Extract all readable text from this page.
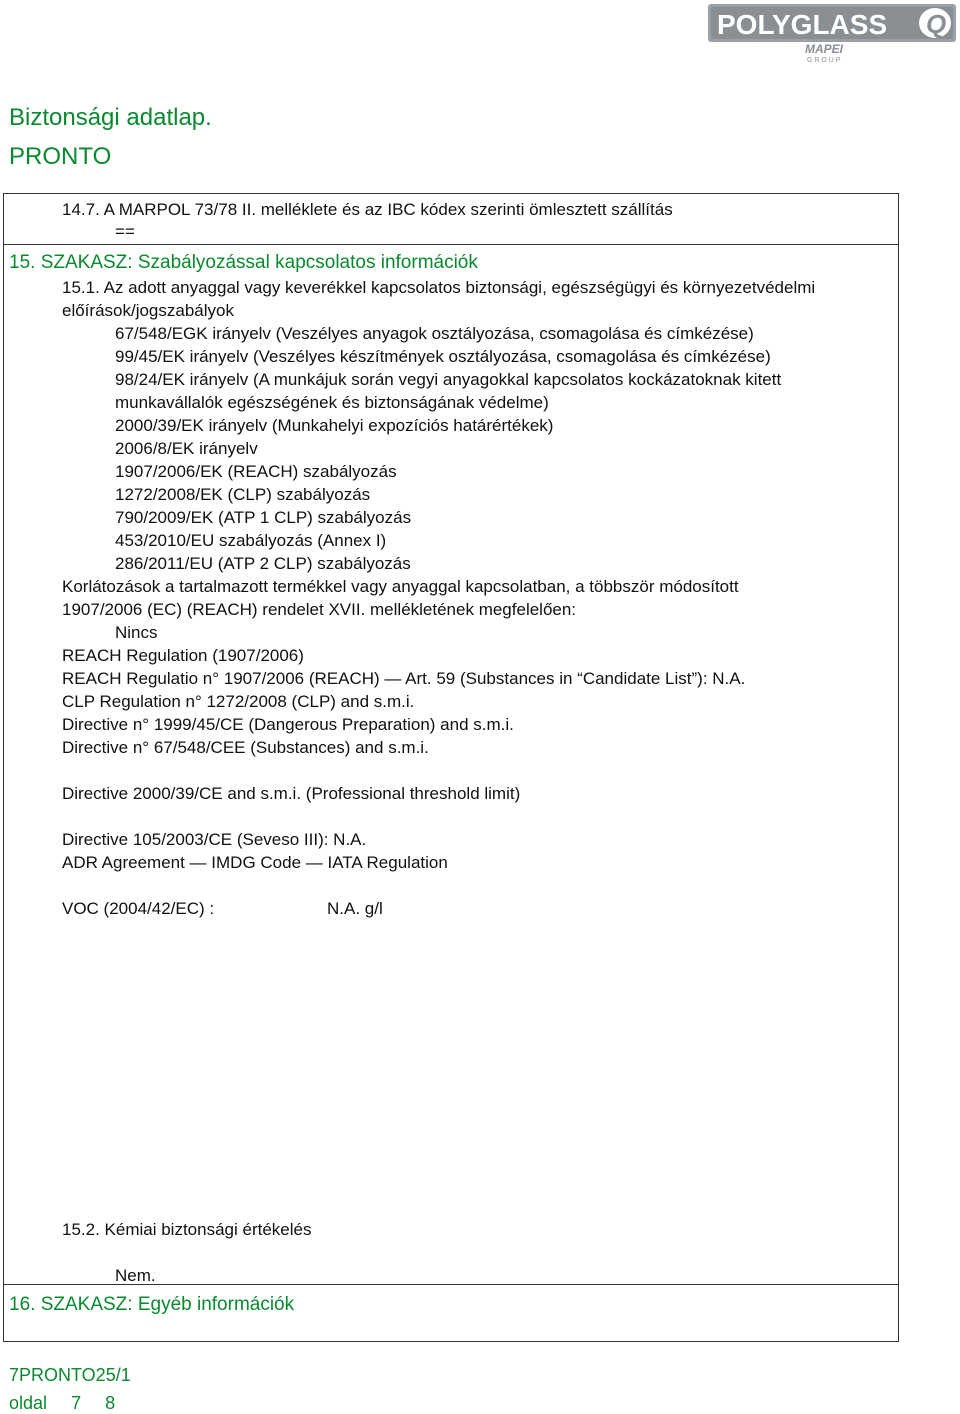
POLYGLASS Q
MAPEI
G R O U P
Biztonsági adatlap.
PRONTO
14.7. A MARPOL 73/78 II. melléklete és az IBC kódex szerinti ömlesztett szállítás
==
15. SZAKASZ: Szabályozással kapcsolatos információk
15.1. Az adott anyaggal vagy keverékkel kapcsolatos biztonsági, egészségügyi és környezetvédelmi
előírások/jogszabályok
67/548/EGK irányelv (Veszélyes anyagok osztályozása, csomagolása és címkézése)
99/45/EK irányelv (Veszélyes készítmények osztályozása, csomagolása és címkézése)
98/24/EK irányelv (A munkájuk során vegyi anyagokkal kapcsolatos kockázatoknak kitett
munkavállalók egészségének és biztonságának védelme)
2000/39/EK irányelv (Munkahelyi expozíciós határértékek)
2006/8/EK irányelv
1907/2006/EK (REACH) szabályozás
1272/2008/EK (CLP) szabályozás
790/2009/EK (ATP 1 CLP) szabályozás
453/2010/EU szabályozás (Annex I)
286/2011/EU (ATP 2 CLP) szabályozás
Korlátozások a tartalmazott termékkel vagy anyaggal kapcsolatban, a többször módosított
1907/2006 (EC) (REACH) rendelet XVII. mellékletének megfelelően:
Nincs
REACH Regulation (1907/2006)
REACH Regulatio n° 1907/2006 (REACH) — Art. 59 (Substances in “Candidate List”): N.A.
CLP Regulation n° 1272/2008 (CLP) and s.m.i.
Directive n° 1999/45/CE (Dangerous Preparation) and s.m.i.
Directive n° 67/548/CEE (Substances) and s.m.i.
Directive 2000/39/CE and s.m.i. (Professional threshold limit)
Directive 105/2003/CE (Seveso III): N.A.
ADR Agreement — IMDG Code — IATA Regulation
VOC (2004/42/EC) :	N.A. g/l
15.2. Kémiai biztonsági értékelés
Nem.
16. SZAKASZ: Egyéb információk
7PRONTO25/1
oldal 7 8
